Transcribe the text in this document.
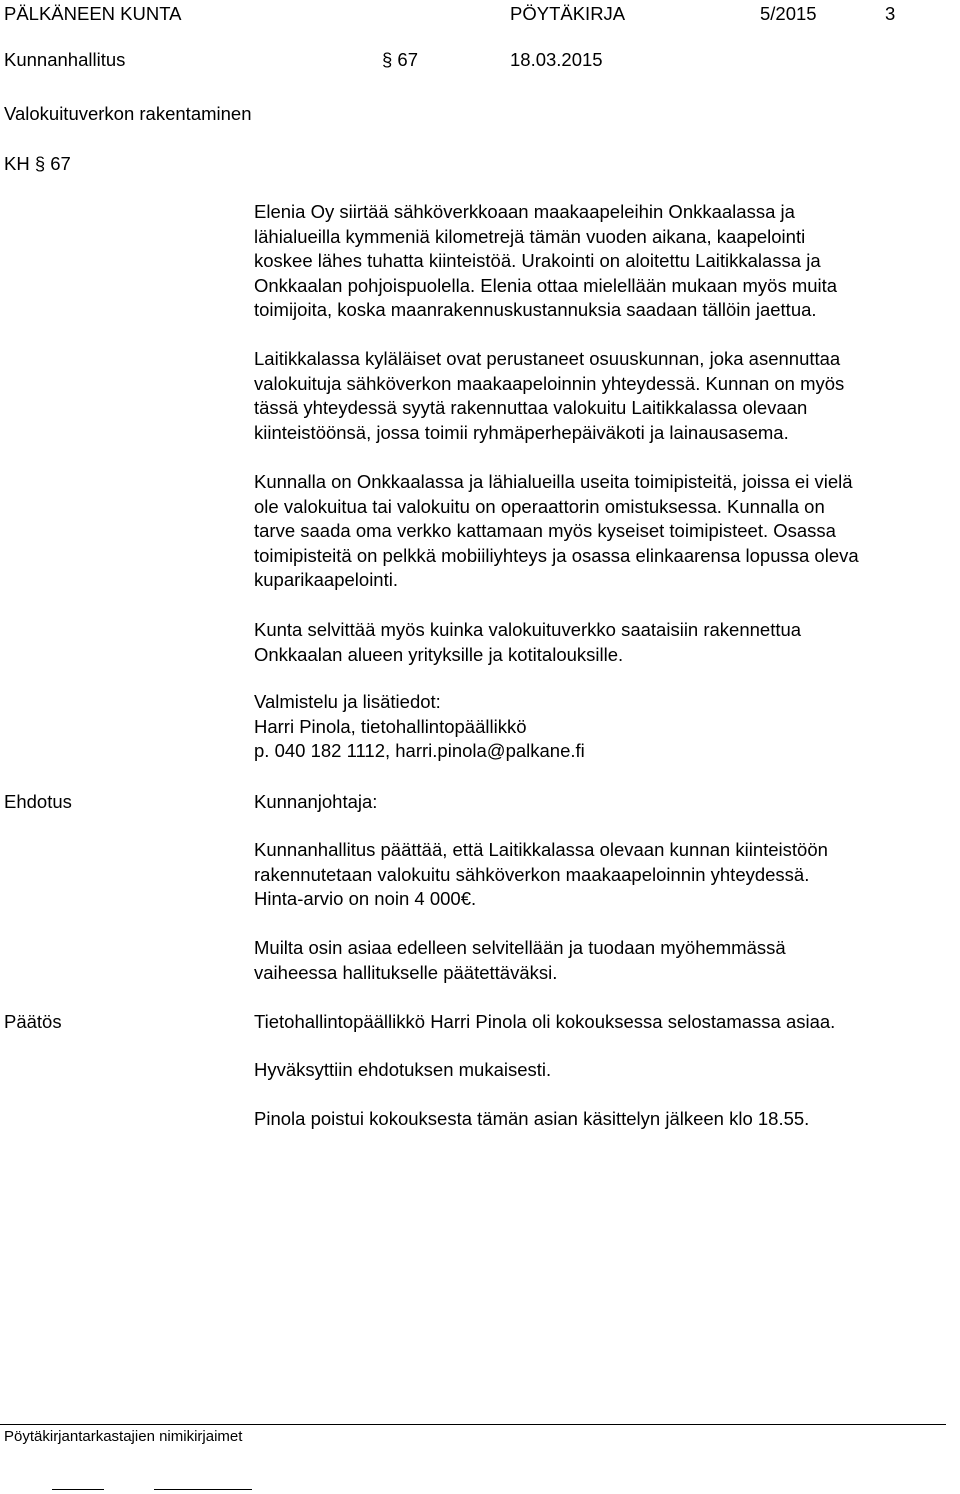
PÄLKÄNEEN KUNTA	PÖYTÄKIRJA	5/2015	3
Kunnanhallitus	§ 67	18.03.2015
Valokuituverkon rakentaminen
KH § 67
Elenia Oy siirtää sähköverkkoaan maakaapeleihin Onkkaalassa ja
lähialueilla kymmeniä kilometrejä tämän vuoden aikana, kaapelointi
koskee lähes tuhatta kiinteistöä. Urakointi on aloitettu Laitikkalassa ja
Onkkaalan pohjoispuolella. Elenia ottaa mielellään mukaan myös muita
toimijoita, koska maanrakennuskustannuksia saadaan tällöin jaettua.
Laitikkalassa kyläläiset ovat perustaneet osuuskunnan, joka asennuttaa
valokuituja sähköverkon maakaapeloinnin yhteydessä. Kunnan on myös
tässä yhteydessä syytä rakennuttaa valokuitu Laitikkalassa olevaan
kiinteistöönsä, jossa toimii ryhmäperhepäiväkoti ja lainausasema.
Kunnalla on Onkkaalassa ja lähialueilla useita toimipisteitä, joissa ei vielä
ole valokuitua tai valokuitu on operaattorin omistuksessa. Kunnalla on
tarve saada oma verkko kattamaan myös kyseiset toimipisteet. Osassa
toimipisteitä on pelkkä mobiiliyhteys ja osassa elinkaarensa lopussa oleva
kuparikaapelointi.
Kunta selvittää myös kuinka valokuituverkko saataisiin rakennettua
Onkkaalan alueen yrityksille ja kotitalouksille.
Valmistelu ja lisätiedot:
Harri Pinola, tietohallintopäällikkö
p. 040 182 1112, harri.pinola@palkane.fi
Ehdotus	Kunnanjohtaja:
Kunnanhallitus päättää, että Laitikkalassa olevaan kunnan kiinteistöön
rakennutetaan valokuitu sähköverkon maakaapeloinnin yhteydessä.
Hinta-arvio on noin 4 000€.
Muilta osin asiaa edelleen selvitellään ja tuodaan myöhemmässä
vaiheessa hallitukselle päätettäväksi.
Päätös	Tietohallintopäällikkö Harri Pinola oli kokouksessa selostamassa asiaa.
Hyväksyttiin ehdotuksen mukaisesti.
Pinola poistui kokouksesta tämän asian käsittelyn jälkeen klo 18.55.
Pöytäkirjantarkastajien nimikirjaimet
